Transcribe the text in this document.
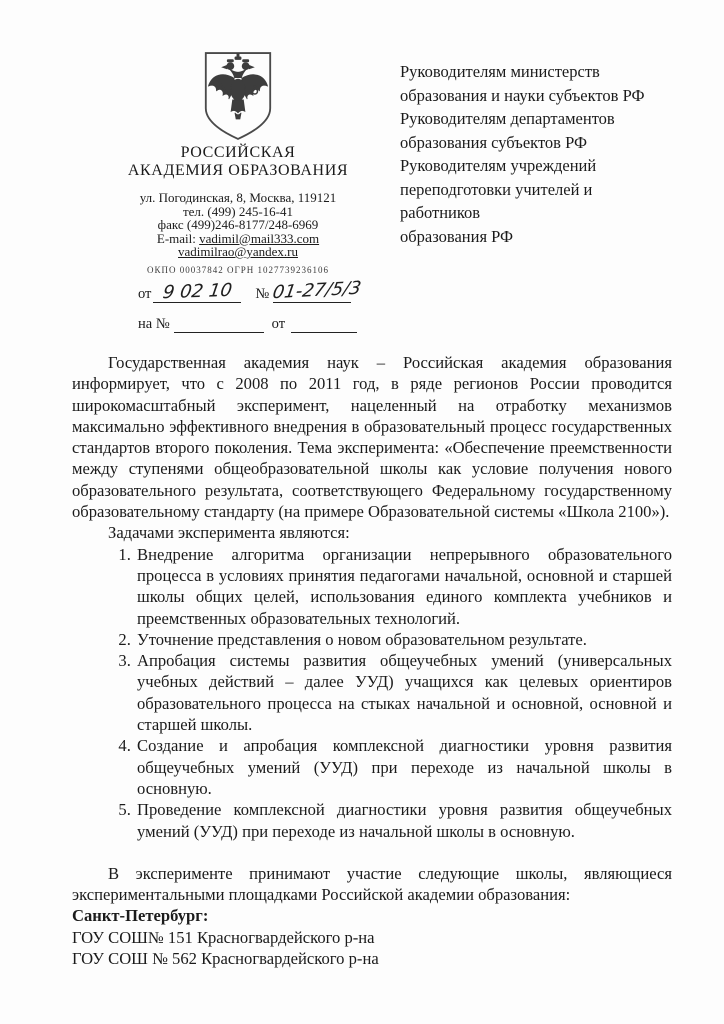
РОССИЙСКАЯ
АКАДЕМИЯ ОБРАЗОВАНИЯ
ул. Погодинская, 8, Москва, 119121
тел. (499) 245-16-41
факс (499)246-8177/248-6969
E-mail: vadimil@mail333.com
vadimilrao@yandex.ru
ОКПО 00037842 ОГРН 1027739236106
от 9 02 10 № 01-27/5/3
на №	от
Руководителям министерств
образования и науки субъектов РФ
Руководителям департаментов
образования субъектов РФ
Руководителям учреждений
переподготовки учителей и
работников
образования РФ

Государственная академия наук – Российская академия образования информирует, что с 2008 по 2011 год, в ряде регионов России проводится широкомасштабный эксперимент, нацеленный на отработку механизмов максимально эффективного внедрения в образовательный процесс государственных стандартов второго поколения. Тема эксперимента: «Обеспечение преемственности между ступенями общеобразовательной школы как условие получения нового образовательного результата, соответствующего Федеральному государственному образовательному стандарту (на примере Образовательной системы «Школа 2100»).

Задачами эксперимента являются:

1. Внедрение алгоритма организации непрерывного образовательного процесса в условиях принятия педагогами начальной, основной и старшей школы общих целей, использования единого комплекта учебников и преемственных образовательных технологий.
2. Уточнение представления о новом образовательном результате.
3. Апробация системы развития общеучебных умений (универсальных учебных действий – далее УУД) учащихся как целевых ориентиров образовательного процесса на стыках начальной и основной, основной и старшей школы.
4. Создание и апробация комплексной диагностики уровня развития общеучебных умений (УУД) при переходе из начальной школы в основную.
5. Проведение комплексной диагностики уровня развития общеучебных умений (УУД) при переходе из начальной школы в основную.

В эксперименте принимают участие следующие школы, являющиеся экспериментальными площадками Российской академии образования:

Санкт-Петербург:

ГОУ СОШ№ 151 Красногвардейского р-на

ГОУ СОШ № 562 Красногвардейского р-на
